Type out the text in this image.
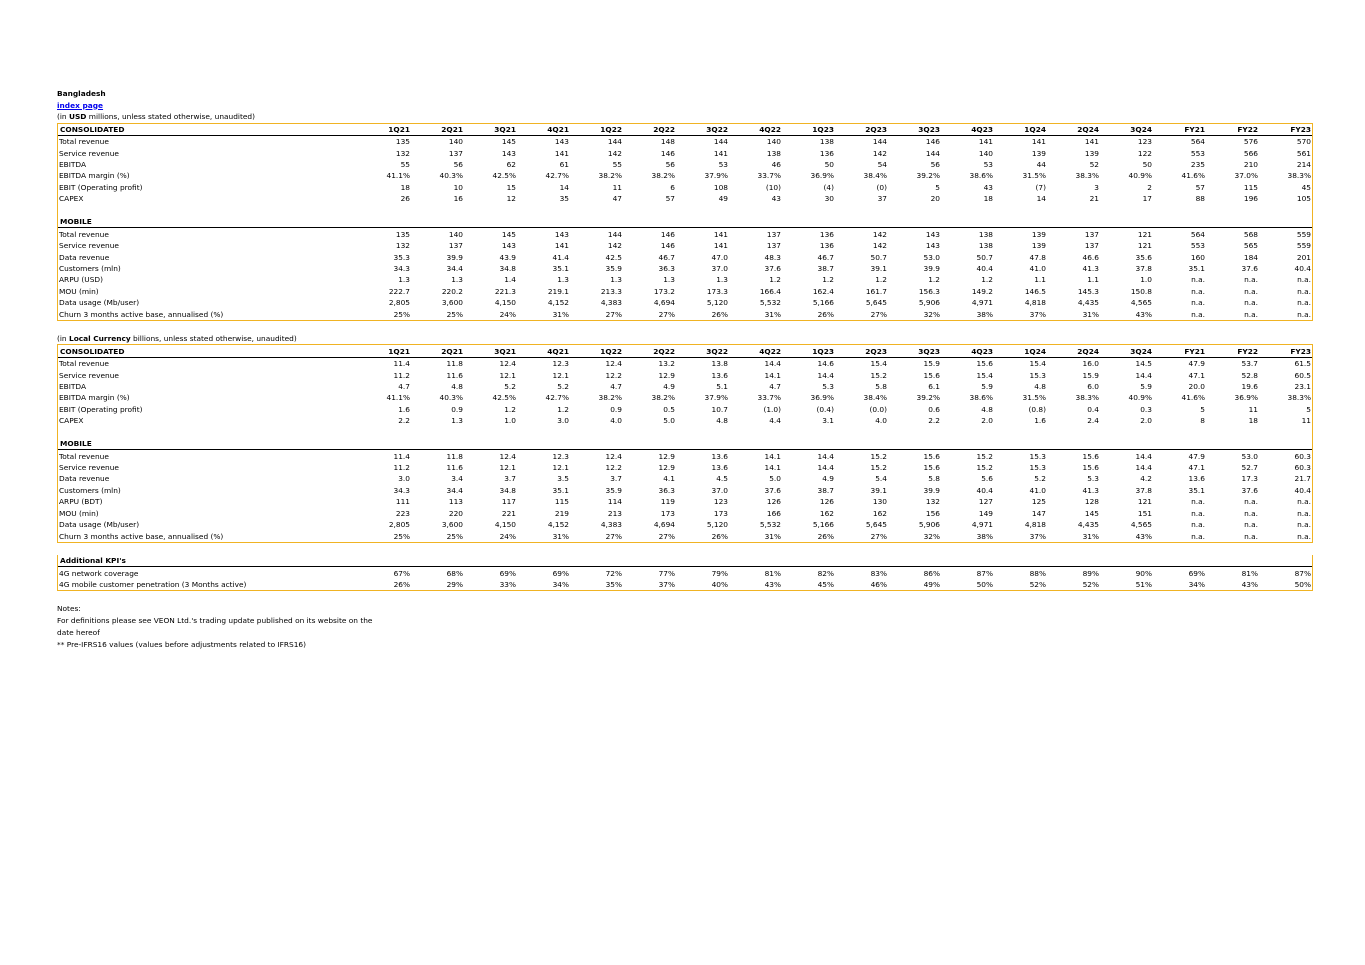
Bangladesh
index page
(in USD millions, unless stated otherwise, unaudited)
CONSOLIDATED	1Q21	2Q21	3Q21	4Q21	1Q22	2Q22	3Q22	4Q22	1Q23	2Q23	3Q23	4Q23	1Q24	2Q24	3Q24	FY21	FY22	FY23
Total revenue	135	140	145	143	144	148	144	140	138	144	146	141	141	141	123	564	576	570
Service revenue	132	137	143	141	142	146	141	138	136	142	144	140	139	139	122	553	566	561
EBITDA	55	56	62	61	55	56	53	46	50	54	56	53	44	52	50	235	210	214
EBITDA margin (%)	41.1%	40.3%	42.5%	42.7%	38.2%	38.2%	37.9%	33.7%	36.9%	38.4%	39.2%	38.6%	31.5%	38.3%	40.9%	41.6%	37.0%	38.3%
EBIT (Operating profit)	18	10	15	14	11	6	108	(10)	(4)	(0)	5	43	(7)	3	2	57	115	45
CAPEX	26	16	12	35	47	57	49	43	30	37	20	18	14	21	17	88	196	105

MOBILE																		
Total revenue	135	140	145	143	144	146	141	137	136	142	143	138	139	137	121	564	568	559
Service revenue	132	137	143	141	142	146	141	137	136	142	143	138	139	137	121	553	565	559
Data revenue	35.3	39.9	43.9	41.4	42.5	46.7	47.0	48.3	46.7	50.7	53.0	50.7	47.8	46.6	35.6	160	184	201
Customers (mln)	34.3	34.4	34.8	35.1	35.9	36.3	37.0	37.6	38.7	39.1	39.9	40.4	41.0	41.3	37.8	35.1	37.6	40.4
ARPU (USD)	1.3	1.3	1.4	1.3	1.3	1.3	1.3	1.2	1.2	1.2	1.2	1.2	1.1	1.1	1.0	n.a.	n.a.	n.a.
MOU (min)	222.7	220.2	221.3	219.1	213.3	173.2	173.3	166.4	162.4	161.7	156.3	149.2	146.5	145.3	150.8	n.a.	n.a.	n.a.
Data usage (Mb/user)	2,805	3,600	4,150	4,152	4,383	4,694	5,120	5,532	5,166	5,645	5,906	4,971	4,818	4,435	4,565	n.a.	n.a.	n.a.
Churn 3 months active base, annualised (%)	25%	25%	24%	31%	27%	27%	26%	31%	26%	27%	32%	38%	37%	31%	43%	n.a.	n.a.	n.a.
(in Local Currency billions, unless stated otherwise, unaudited)
CONSOLIDATED	1Q21	2Q21	3Q21	4Q21	1Q22	2Q22	3Q22	4Q22	1Q23	2Q23	3Q23	4Q23	1Q24	2Q24	3Q24	FY21	FY22	FY23
Total revenue	11.4	11.8	12.4	12.3	12.4	13.2	13.8	14.4	14.6	15.4	15.9	15.6	15.4	16.0	14.5	47.9	53.7	61.5
Service revenue	11.2	11.6	12.1	12.1	12.2	12.9	13.6	14.1	14.4	15.2	15.6	15.4	15.3	15.9	14.4	47.1	52.8	60.5
EBITDA	4.7	4.8	5.2	5.2	4.7	4.9	5.1	4.7	5.3	5.8	6.1	5.9	4.8	6.0	5.9	20.0	19.6	23.1
EBITDA margin (%)	41.1%	40.3%	42.5%	42.7%	38.2%	38.2%	37.9%	33.7%	36.9%	38.4%	39.2%	38.6%	31.5%	38.3%	40.9%	41.6%	36.9%	38.3%
EBIT (Operating profit)	1.6	0.9	1.2	1.2	0.9	0.5	10.7	(1.0)	(0.4)	(0.0)	0.6	4.8	(0.8)	0.4	0.3	5	11	5
CAPEX	2.2	1.3	1.0	3.0	4.0	5.0	4.8	4.4	3.1	4.0	2.2	2.0	1.6	2.4	2.0	8	18	11

MOBILE																		
Total revenue	11.4	11.8	12.4	12.3	12.4	12.9	13.6	14.1	14.4	15.2	15.6	15.2	15.3	15.6	14.4	47.9	53.0	60.3
Service revenue	11.2	11.6	12.1	12.1	12.2	12.9	13.6	14.1	14.4	15.2	15.6	15.2	15.3	15.6	14.4	47.1	52.7	60.3
Data revenue	3.0	3.4	3.7	3.5	3.7	4.1	4.5	5.0	4.9	5.4	5.8	5.6	5.2	5.3	4.2	13.6	17.3	21.7
Customers (mln)	34.3	34.4	34.8	35.1	35.9	36.3	37.0	37.6	38.7	39.1	39.9	40.4	41.0	41.3	37.8	35.1	37.6	40.4
ARPU (BDT)	111	113	117	115	114	119	123	126	126	130	132	127	125	128	121	n.a.	n.a.	n.a.
MOU (min)	223	220	221	219	213	173	173	166	162	162	156	149	147	145	151	n.a.	n.a.	n.a.
Data usage (Mb/user)	2,805	3,600	4,150	4,152	4,383	4,694	5,120	5,532	5,166	5,645	5,906	4,971	4,818	4,435	4,565	n.a.	n.a.	n.a.
Churn 3 months active base, annualised (%)	25%	25%	24%	31%	27%	27%	26%	31%	26%	27%	32%	38%	37%	31%	43%	n.a.	n.a.	n.a.
Additional KPI's																		
4G network coverage	67%	68%	69%	69%	72%	77%	79%	81%	82%	83%	86%	87%	88%	89%	90%	69%	81%	87%
4G mobile customer penetration (3 Months active)	26%	29%	33%	34%	35%	37%	40%	43%	45%	46%	49%	50%	52%	52%	51%	34%	43%	50%
Notes:
For definitions please see VEON Ltd.'s trading update published on its website on the
date hereof
** Pre-IFRS16 values (values before adjustments related to IFRS16)
